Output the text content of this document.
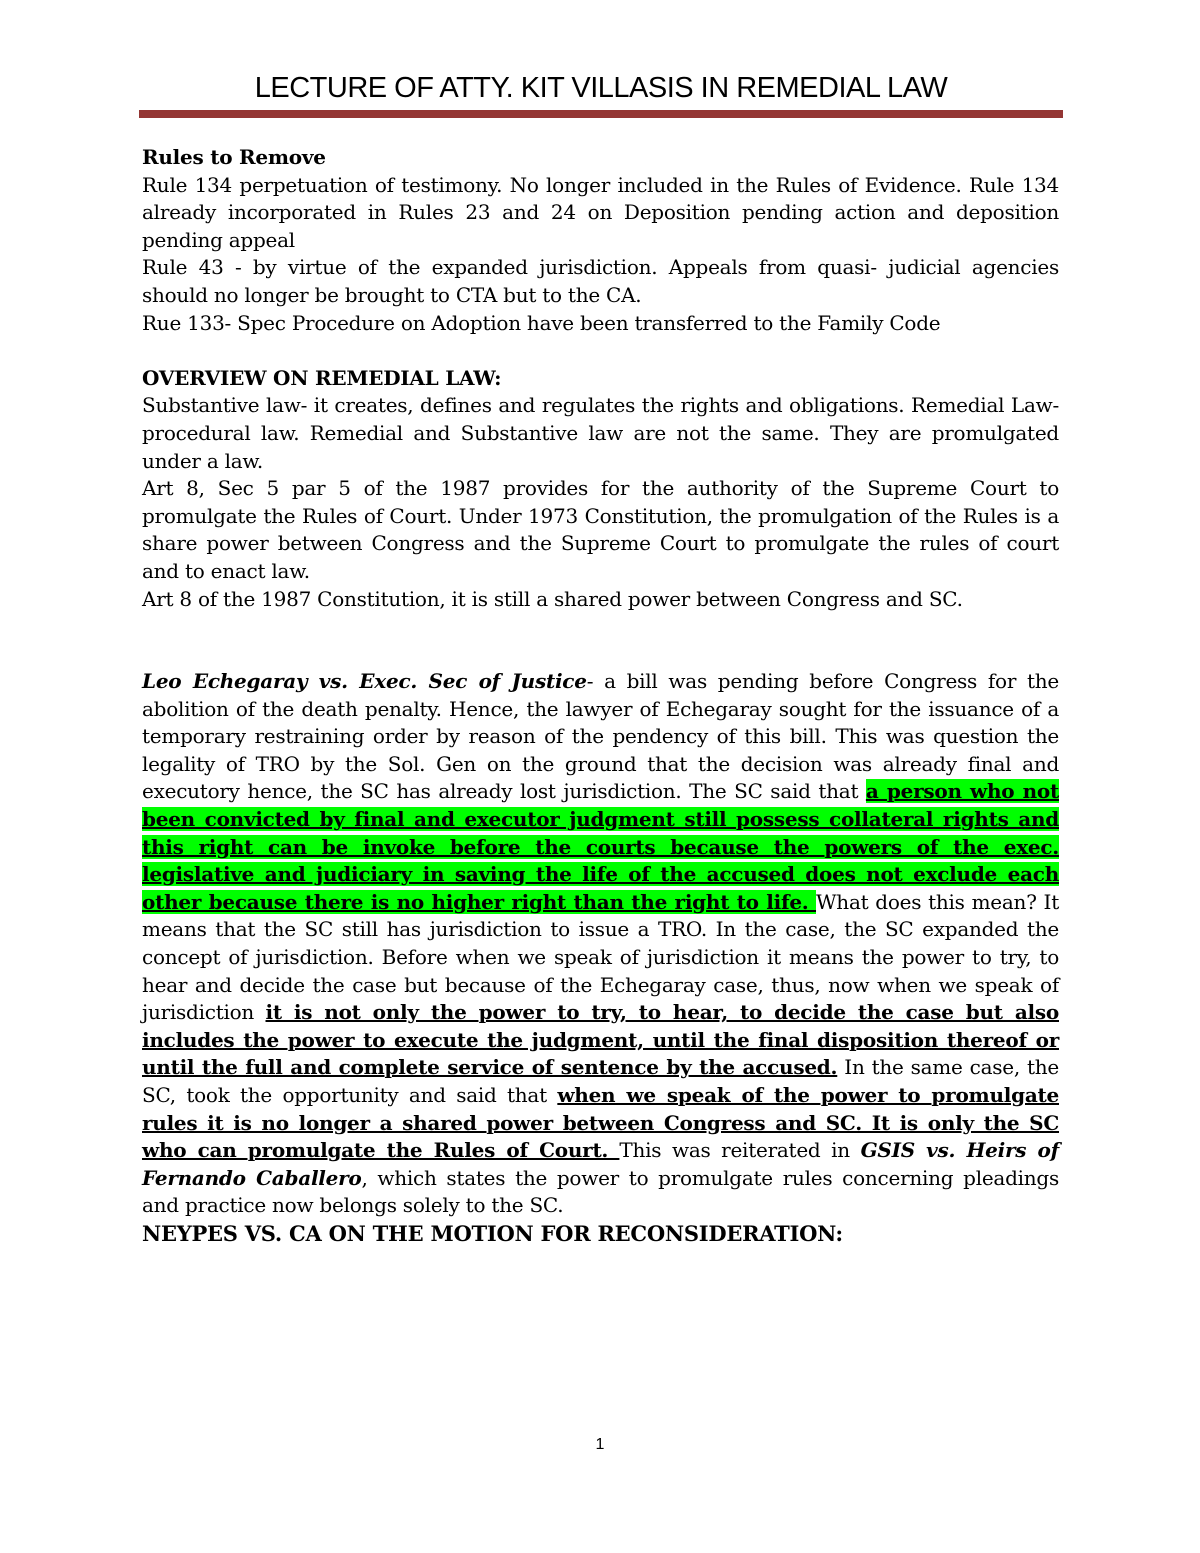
LECTURE OF ATTY. KIT VILLASIS IN REMEDIAL LAW

Rules to Remove

Rule 134 perpetuation of testimony. No longer included in the Rules of Evidence. Rule 134 already incorporated in Rules 23 and 24 on Deposition pending action and deposition pending appeal

Rule 43 - by virtue of the expanded jurisdiction. Appeals from quasi- judicial agencies should no longer be brought to CTA but to the CA.

Rue 133- Spec Procedure on Adoption have been transferred to the Family Code

OVERVIEW ON REMEDIAL LAW:

Substantive law- it creates, defines and regulates the rights and obligations. Remedial Law- procedural law. Remedial and Substantive law are not the same. They are promulgated under a law.

Art 8, Sec 5 par 5 of the 1987 provides for the authority of the Supreme Court to promulgate the Rules of Court. Under 1973 Constitution, the promulgation of the Rules is a share power between Congress and the Supreme Court to promulgate the rules of court and to enact law.

Art 8 of the 1987 Constitution, it is still a shared power between Congress and SC.

Leo Echegaray vs. Exec. Sec of Justice- a bill was pending before Congress for the abolition of the death penalty. Hence, the lawyer of Echegaray sought for the issuance of a temporary restraining order by reason of the pendency of this bill. This was question the legality of TRO by the Sol. Gen on the ground that the decision was already final and executory hence, the SC has already lost jurisdiction. The SC said that a person who not been convicted by final and executor judgment still possess collateral rights and this right can be invoke before the courts because the powers of the exec. legislative and judiciary in saving the life of the accused does not exclude each other because there is no higher right than the right to life. What does this mean? It means that the SC still has jurisdiction to issue a TRO. In the case, the SC expanded the concept of jurisdiction. Before when we speak of jurisdiction it means the power to try, to hear and decide the case but because of the Echegaray case, thus, now when we speak of jurisdiction it is not only the power to try, to hear, to decide the case but also includes the power to execute the judgment, until the final disposition thereof or until the full and complete service of sentence by the accused. In the same case, the SC, took the opportunity and said that when we speak of the power to promulgate rules it is no longer a shared power between Congress and SC. It is only the SC who can promulgate the Rules of Court. This was reiterated in GSIS vs. Heirs of Fernando Caballero, which states the power to promulgate rules concerning pleadings and practice now belongs solely to the SC.

NEYPES VS. CA ON THE MOTION FOR RECONSIDERATION:

1
